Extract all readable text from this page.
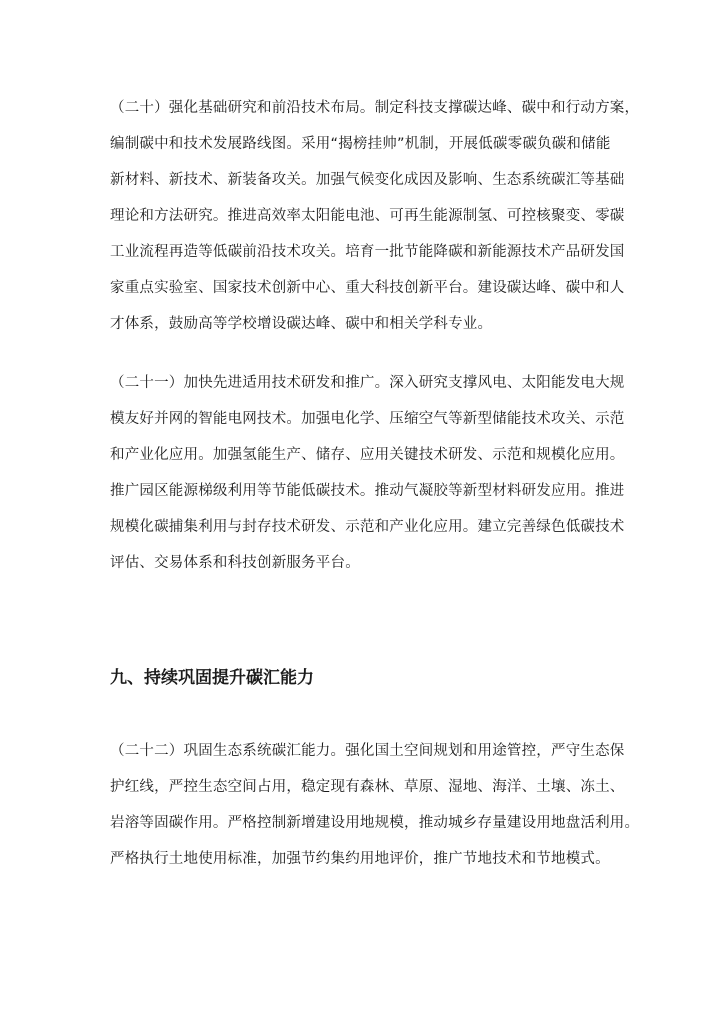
（二十）强化基础研究和前沿技术布局。制定科技支撑碳达峰、碳中和行动方案，
编制碳中和技术发展路线图。采用“揭榜挂帅”机制，开展低碳零碳负碳和储能
新材料、新技术、新装备攻关。加强气候变化成因及影响、生态系统碳汇等基础
理论和方法研究。推进高效率太阳能电池、可再生能源制氢、可控核聚变、零碳
工业流程再造等低碳前沿技术攻关。培育一批节能降碳和新能源技术产品研发国
家重点实验室、国家技术创新中心、重大科技创新平台。建设碳达峰、碳中和人
才体系，鼓励高等学校增设碳达峰、碳中和相关学科专业。
（二十一）加快先进适用技术研发和推广。深入研究支撑风电、太阳能发电大规
模友好并网的智能电网技术。加强电化学、压缩空气等新型储能技术攻关、示范
和产业化应用。加强氢能生产、储存、应用关键技术研发、示范和规模化应用。
推广园区能源梯级利用等节能低碳技术。推动气凝胶等新型材料研发应用。推进
规模化碳捕集利用与封存技术研发、示范和产业化应用。建立完善绿色低碳技术
评估、交易体系和科技创新服务平台。
九、持续巩固提升碳汇能力
（二十二）巩固生态系统碳汇能力。强化国土空间规划和用途管控，严守生态保
护红线，严控生态空间占用，稳定现有森林、草原、湿地、海洋、土壤、冻土、
岩溶等固碳作用。严格控制新增建设用地规模，推动城乡存量建设用地盘活利用。
严格执行土地使用标准，加强节约集约用地评价，推广节地技术和节地模式。
